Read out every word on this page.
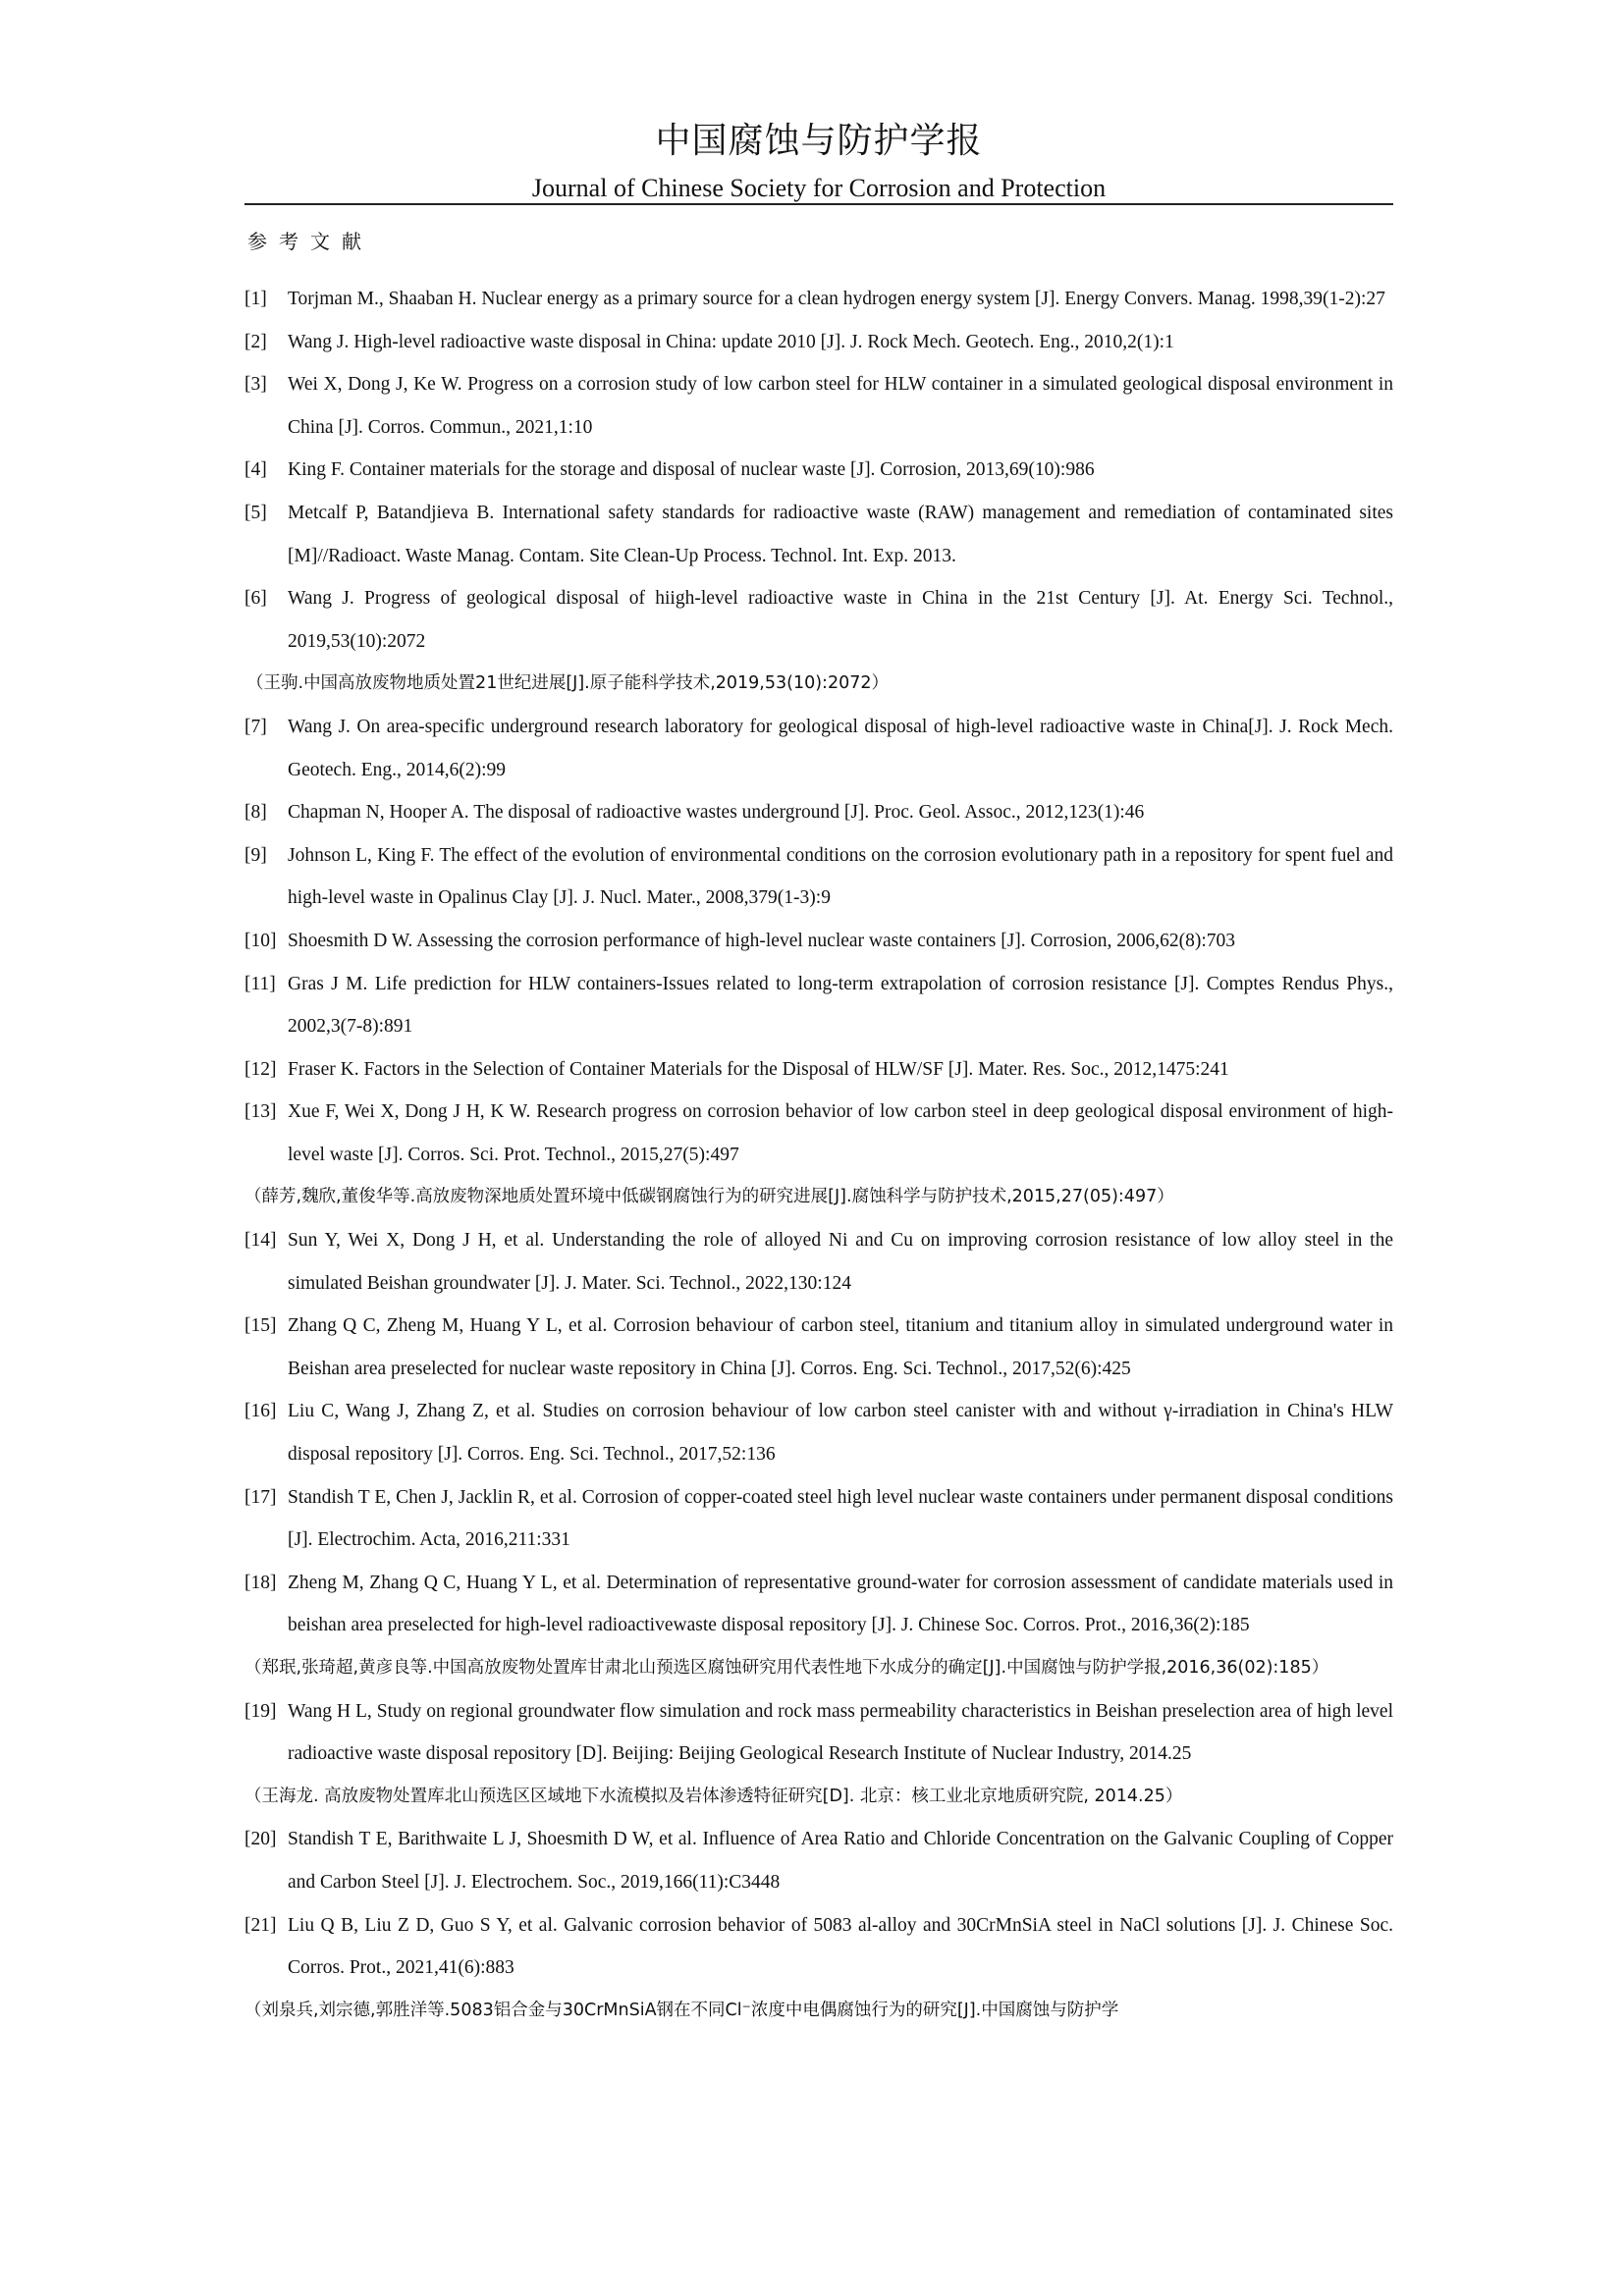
中国腐蚀与防护学报
Journal of Chinese Society for Corrosion and Protection
参考文献
[1] Torjman M., Shaaban H. Nuclear energy as a primary source for a clean hydrogen energy system [J]. Energy Convers. Manag. 1998,39(1-2):27
[2] Wang J. High-level radioactive waste disposal in China: update 2010 [J]. J. Rock Mech. Geotech. Eng., 2010,2(1):1
[3] Wei X, Dong J, Ke W. Progress on a corrosion study of low carbon steel for HLW container in a simulated geological disposal environment in China [J]. Corros. Commun., 2021,1:10
[4] King F. Container materials for the storage and disposal of nuclear waste [J]. Corrosion, 2013,69(10):986
[5] Metcalf P, Batandjieva B. International safety standards for radioactive waste (RAW) management and remediation of contaminated sites [M]//Radioact. Waste Manag. Contam. Site Clean-Up Process. Technol. Int. Exp. 2013.
[6] Wang J. Progress of geological disposal of hiigh-level radioactive waste in China in the 21st Century [J]. At. Energy Sci. Technol., 2019,53(10):2072
（王驹.中国高放废物地质处置21世纪进展[J].原子能科学技术,2019,53(10):2072）
[7] Wang J. On area-specific underground research laboratory for geological disposal of high-level radioactive waste in China[J]. J. Rock Mech. Geotech. Eng., 2014,6(2):99
[8] Chapman N, Hooper A. The disposal of radioactive wastes underground [J]. Proc. Geol. Assoc., 2012,123(1):46
[9] Johnson L, King F. The effect of the evolution of environmental conditions on the corrosion evolutionary path in a repository for spent fuel and high-level waste in Opalinus Clay [J]. J. Nucl. Mater., 2008,379(1-3):9
[10] Shoesmith D W. Assessing the corrosion performance of high-level nuclear waste containers [J]. Corrosion, 2006,62(8):703
[11] Gras J M. Life prediction for HLW containers-Issues related to long-term extrapolation of corrosion resistance [J]. Comptes Rendus Phys., 2002,3(7-8):891
[12] Fraser K. Factors in the Selection of Container Materials for the Disposal of HLW/SF [J]. Mater. Res. Soc., 2012,1475:241
[13] Xue F, Wei X, Dong J H, K W. Research progress on corrosion behavior of low carbon steel in deep geological disposal environment of high-level waste [J]. Corros. Sci. Prot. Technol., 2015,27(5):497
（薛芳,魏欣,董俊华等.高放废物深地质处置环境中低碳钢腐蚀行为的研究进展[J].腐蚀科学与防护技术,2015,27(05):497）
[14] Sun Y, Wei X, Dong J H, et al. Understanding the role of alloyed Ni and Cu on improving corrosion resistance of low alloy steel in the simulated Beishan groundwater [J]. J. Mater. Sci. Technol., 2022,130:124
[15] Zhang Q C, Zheng M, Huang Y L, et al. Corrosion behaviour of carbon steel, titanium and titanium alloy in simulated underground water in Beishan area preselected for nuclear waste repository in China [J]. Corros. Eng. Sci. Technol., 2017,52(6):425
[16] Liu C, Wang J, Zhang Z, et al. Studies on corrosion behaviour of low carbon steel canister with and without γ-irradiation in China's HLW disposal repository [J]. Corros. Eng. Sci. Technol., 2017,52:136
[17] Standish T E, Chen J, Jacklin R, et al. Corrosion of copper-coated steel high level nuclear waste containers under permanent disposal conditions [J]. Electrochim. Acta, 2016,211:331
[18] Zheng M, Zhang Q C, Huang Y L, et al. Determination of representative ground-water for corrosion assessment of candidate materials used in beishan area preselected for high-level radioactivewaste disposal repository [J]. J. Chinese Soc. Corros. Prot., 2016,36(2):185
（郑珉,张琦超,黄彦良等.中国高放废物处置库甘肃北山预选区腐蚀研究用代表性地下水成分的确定[J].中国腐蚀与防护学报,2016,36(02):185）
[19] Wang H L, Study on regional groundwater flow simulation and rock mass permeability characteristics in Beishan preselection area of high level radioactive waste disposal repository [D]. Beijing: Beijing Geological Research Institute of Nuclear Industry, 2014.25
（王海龙. 高放废物处置库北山预选区区域地下水流模拟及岩体渗透特征研究[D]. 北京：核工业北京地质研究院, 2014.25）
[20] Standish T E, Barithwaite L J, Shoesmith D W, et al. Influence of Area Ratio and Chloride Concentration on the Galvanic Coupling of Copper and Carbon Steel [J]. J. Electrochem. Soc., 2019,166(11):C3448
[21] Liu Q B, Liu Z D, Guo S Y, et al. Galvanic corrosion behavior of 5083 al-alloy and 30CrMnSiA steel in NaCl solutions [J]. J. Chinese Soc. Corros. Prot., 2021,41(6):883
（刘泉兵,刘宗德,郭胜洋等.5083铝合金与30CrMnSiA钢在不同Cl⁻浓度中电偶腐蚀行为的研究[J].中国腐蚀与防护学
